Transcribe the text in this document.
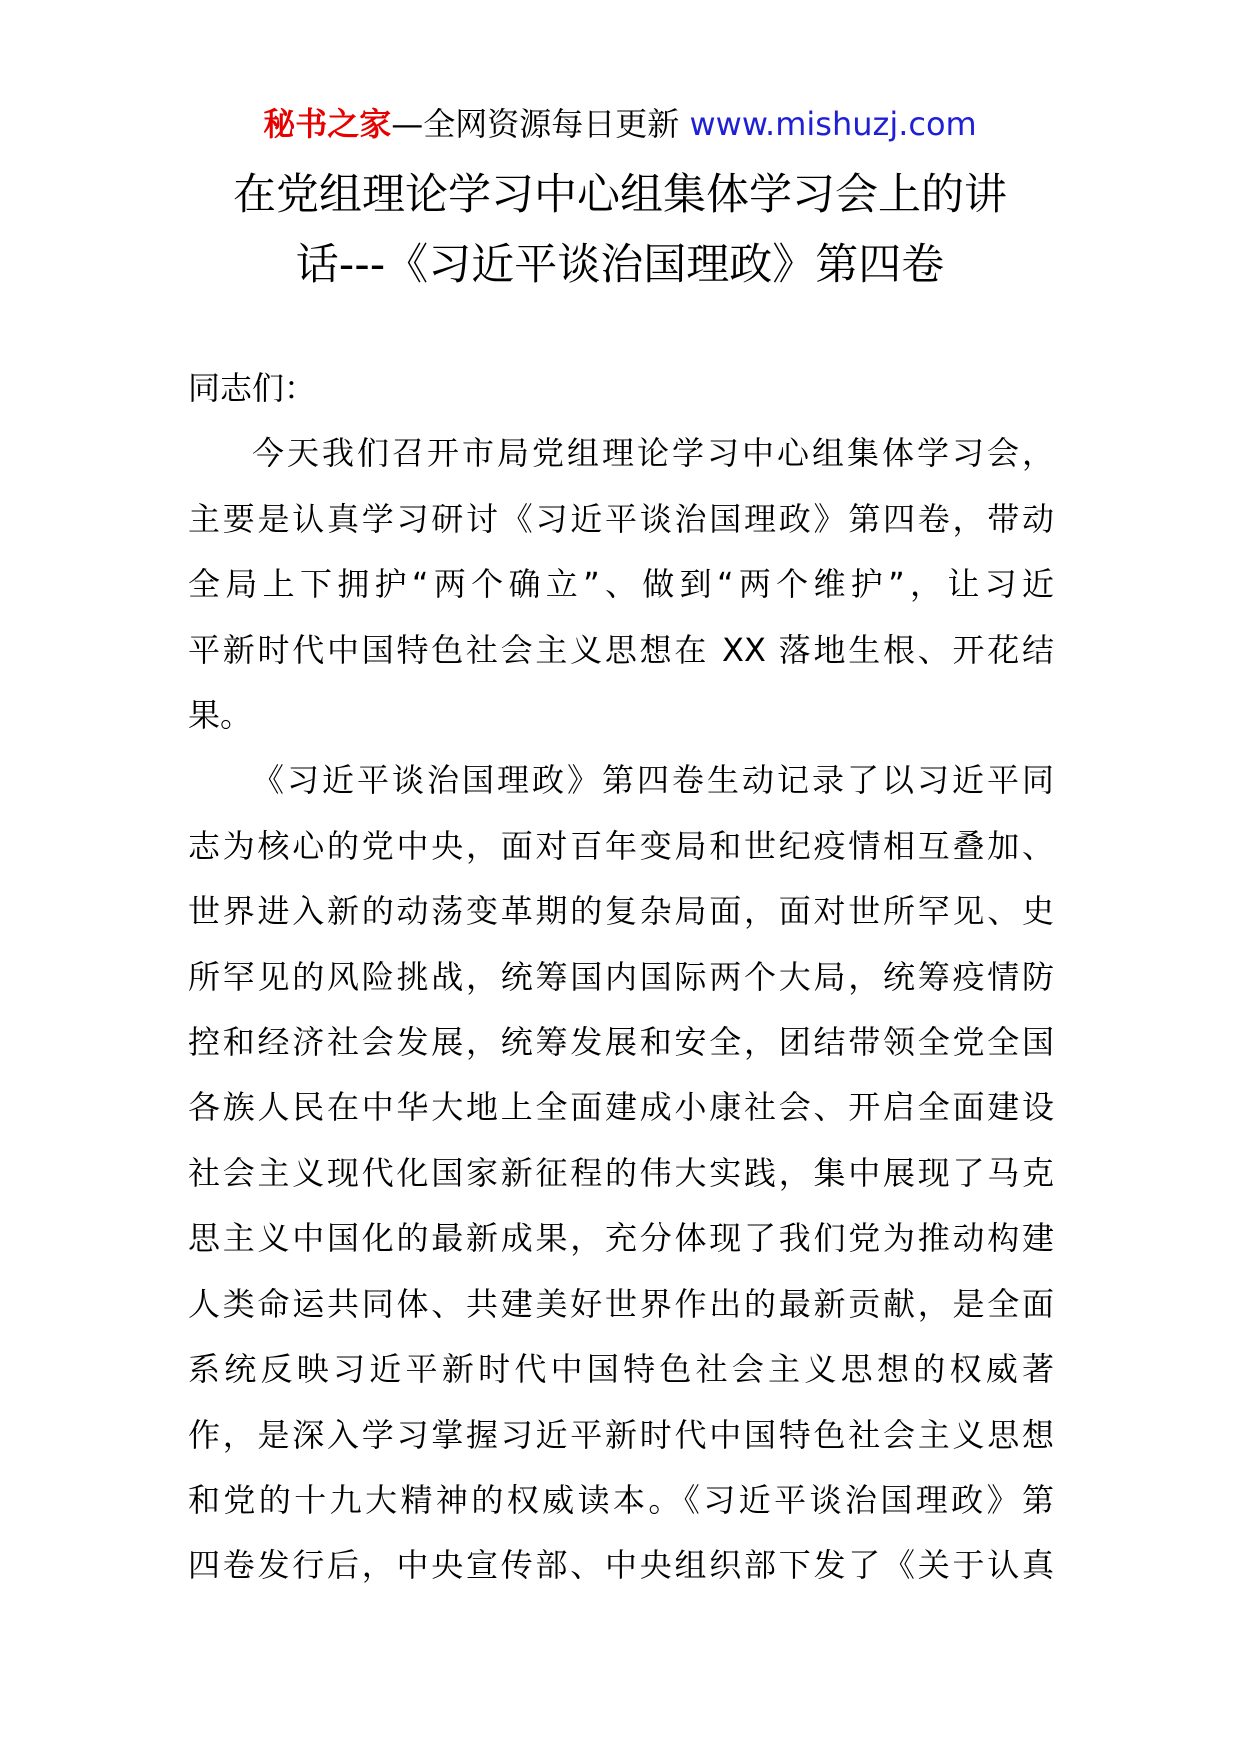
秘书之家—全网资源每日更新 www.mishuzj.com
在党组理论学习中心组集体学习会上的讲
话---《习近平谈治国理政》第四卷

同志们：

今天我们召开市局党组理论学习中心组集体学习会，
主要是认真学习研讨《习近平谈治国理政》第四卷，带动
全局上下拥护“两个确立”、做到“两个维护”，让习近
平新时代中国特色社会主义思想在 XX 落地生根、开花结
果。
《习近平谈治国理政》第四卷生动记录了以习近平同
志为核心的党中央，面对百年变局和世纪疫情相互叠加、
世界进入新的动荡变革期的复杂局面，面对世所罕见、史
所罕见的风险挑战，统筹国内国际两个大局，统筹疫情防
控和经济社会发展，统筹发展和安全，团结带领全党全国
各族人民在中华大地上全面建成小康社会、开启全面建设
社会主义现代化国家新征程的伟大实践，集中展现了马克
思主义中国化的最新成果，充分体现了我们党为推动构建
人类命运共同体、共建美好世界作出的最新贡献，是全面
系统反映习近平新时代中国特色社会主义思想的权威著
作，是深入学习掌握习近平新时代中国特色社会主义思想
和党的十九大精神的权威读本。《习近平谈治国理政》第
四卷发行后，中央宣传部、中央组织部下发了《关于认真
